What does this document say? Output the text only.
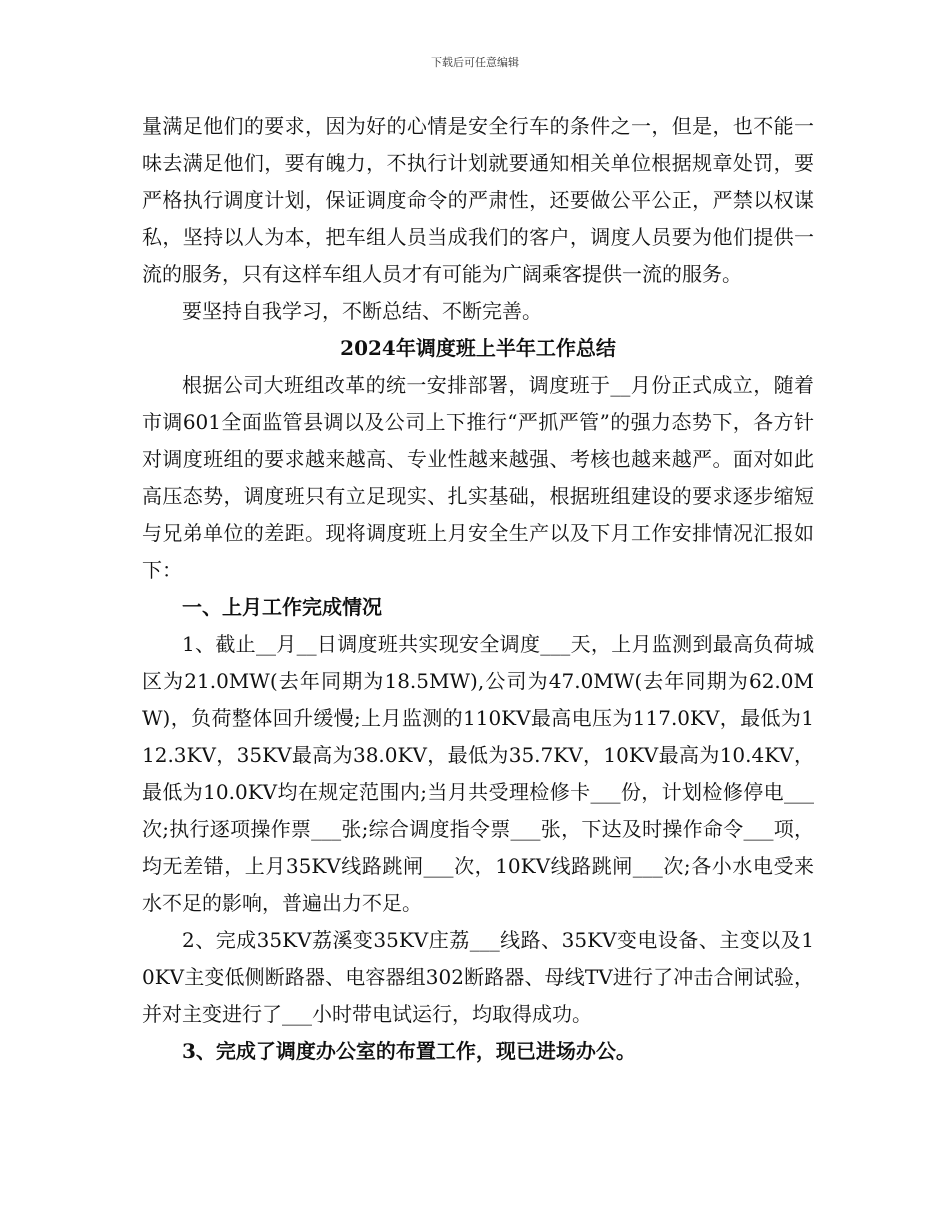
下载后可任意编辑

量满足他们的要求，因为好的心情是安全行车的条件之一，但是，也不能一味去满足他们，要有魄力，不执行计划就要通知相关单位根据规章处罚，要严格执行调度计划，保证调度命令的严肃性，还要做公平公正，严禁以权谋私，坚持以人为本，把车组人员当成我们的客户，调度人员要为他们提供一流的服务，只有这样车组人员才有可能为广阔乘客提供一流的服务。

要坚持自我学习，不断总结、不断完善。

2024年调度班上半年工作总结

根据公司大班组改革的统一安排部署，调度班于__月份正式成立，随着市调601全面监管县调以及公司上下推行“严抓严管”的强力态势下，各方针对调度班组的要求越来越高、专业性越来越强、考核也越来越严。面对如此高压态势，调度班只有立足现实、扎实基础，根据班组建设的要求逐步缩短与兄弟单位的差距。现将调度班上月安全生产以及下月工作安排情况汇报如下：

一、上月工作完成情况

1、截止__月__日调度班共实现安全调度___天，上月监测到最高负荷城区为21.0MW(去年同期为18.5MW),公司为47.0MW(去年同期为62.0MW)，负荷整体回升缓慢;上月监测的110KV最高电压为117.0KV，最低为112.3KV，35KV最高为38.0KV，最低为35.7KV，10KV最高为10.4KV，最低为10.0KV均在规定范围内;当月共受理检修卡___份，计划检修停电___次;执行逐项操作票___张;综合调度指令票___张，下达及时操作命令___项，均无差错，上月35KV线路跳闸___次，10KV线路跳闸___次;各小水电受来水不足的影响，普遍出力不足。

2、完成35KV荔溪变35KV庄荔___线路、35KV变电设备、主变以及10KV主变低侧断路器、电容器组302断路器、母线TV进行了冲击合闸试验，并对主变进行了___小时带电试运行，均取得成功。

3、完成了调度办公室的布置工作，现已进场办公。
